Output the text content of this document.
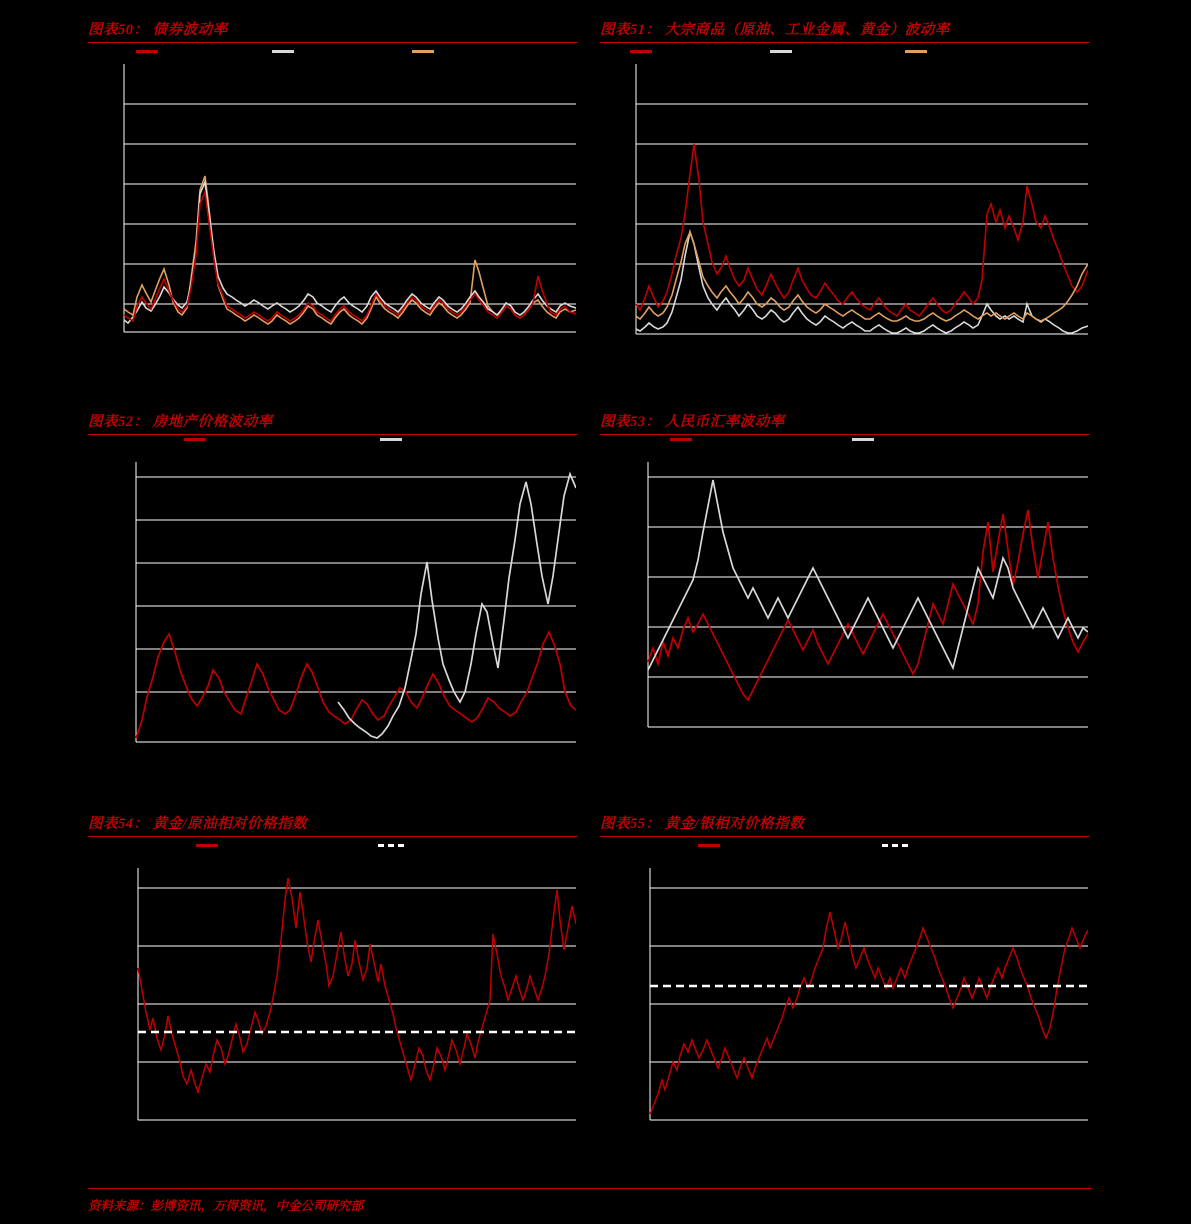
图表50： 债券波动率	图表51： 大宗商品（原油、工业金属、黄金）波动率
图表52： 房地产价格波动率	图表53： 人民币汇率波动率
图表54： 黄金/原油相对价格指数	图表55： 黄金/银相对价格指数
资料来源：彭博资讯，万得资讯，中金公司研究部
